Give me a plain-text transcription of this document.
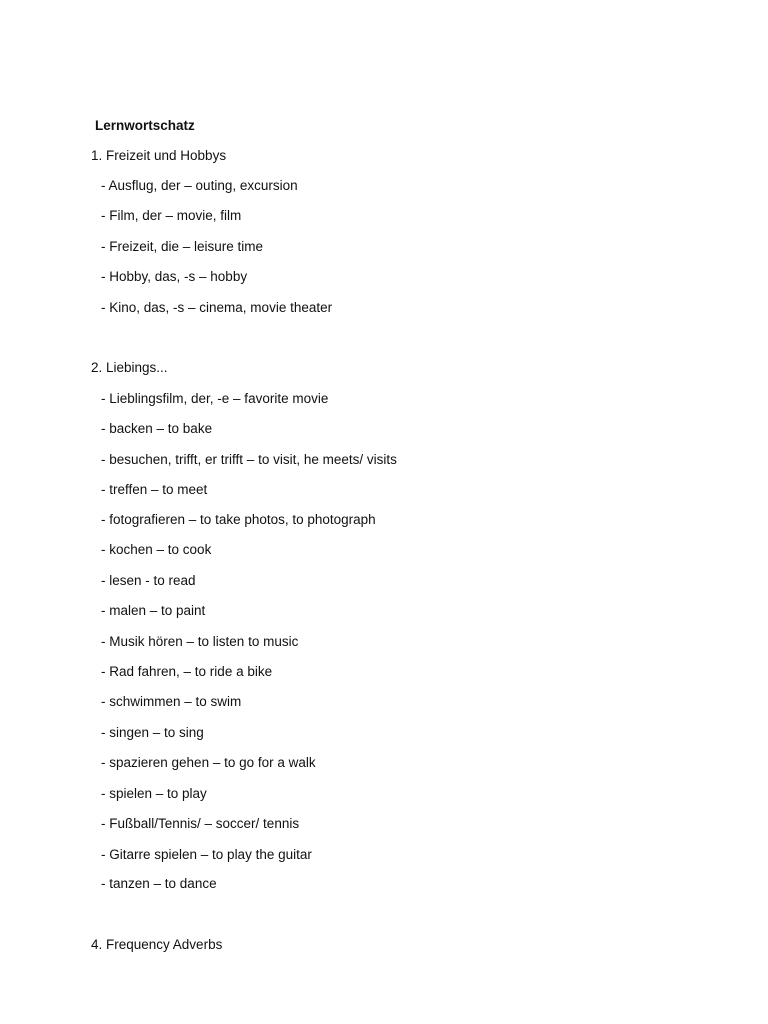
Lernwortschatz
1. Freizeit und Hobbys
- Ausflug, der – outing, excursion
- Film, der – movie, film
- Freizeit, die – leisure time
- Hobby, das, -s – hobby
- Kino, das, -s – cinema, movie theater
2. Liebings...
- Lieblingsfilm, der, -e – favorite movie
- backen – to bake
- besuchen, trifft, er trifft – to visit, he meets/ visits
- treffen – to meet
- fotografieren – to take photos, to photograph
- kochen – to cook
- lesen - to read
- malen – to paint
- Musik hören – to listen to music
- Rad fahren, – to ride a bike
- schwimmen – to swim
- singen – to sing
- spazieren gehen – to go for a walk
- spielen – to play
- Fußball/Tennis/ – soccer/ tennis
- Gitarre spielen – to play the guitar
- tanzen – to dance
4. Frequency Adverbs
